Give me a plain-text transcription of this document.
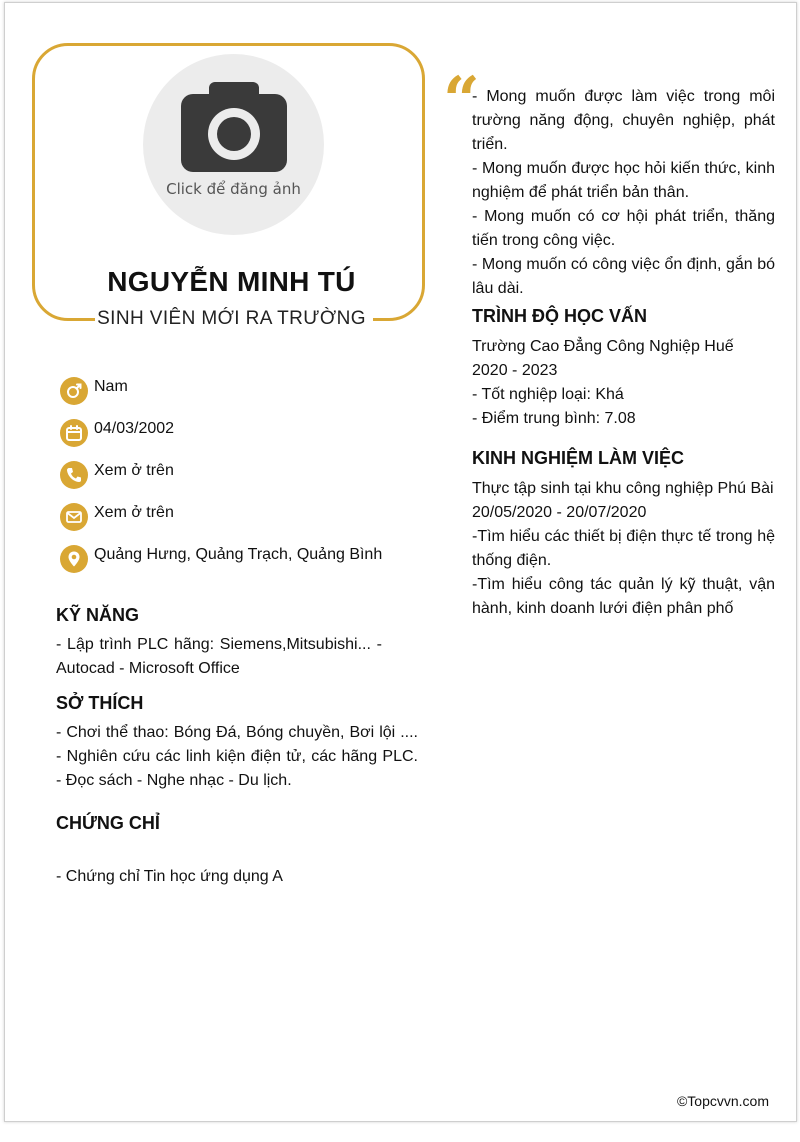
Click để đăng ảnh
NGUYỄN MINH TÚ
SINH VIÊN MỚI RA TRƯỜNG
Nam
04/03/2002
Xem ở trên
Xem ở trên
Quảng Hưng, Quảng Trạch, Quảng Bình
KỸ NĂNG
- Lập trình PLC hãng: Siemens,Mitsubishi... - Autocad - Microsoft Office
SỞ THÍCH
- Chơi thể thao: Bóng Đá, Bóng chuyền, Bơi lội .... - Nghiên cứu các linh kiện điện tử, các hãng PLC. - Đọc sách - Nghe nhạc - Du lịch.
CHỨNG CHỈ
- Chứng chỉ Tin học ứng dụng A
“
- Mong muốn được làm việc trong môi trường năng động, chuyên nghiệp, phát triển.
- Mong muốn được học hỏi kiến thức, kinh nghiệm để phát triển bản thân.
- Mong muốn có cơ hội phát triển, thăng tiến trong công việc.
- Mong muốn có công việc ổn định, gắn bó lâu dài.
TRÌNH ĐỘ HỌC VẤN
Trường Cao Đẳng Công Nghiệp Huế
2020 - 2023
- Tốt nghiệp loại: Khá
- Điểm trung bình: 7.08
KINH NGHIỆM LÀM VIỆC
Thực tập sinh tại khu công nghiệp Phú Bài
20/05/2020 - 20/07/2020
-Tìm hiểu các thiết bị điện thực tế trong hệ thống điện.
-Tìm hiểu công tác quản lý kỹ thuật, vận hành, kinh doanh lưới điện phân phố
©Topcvvn.com
